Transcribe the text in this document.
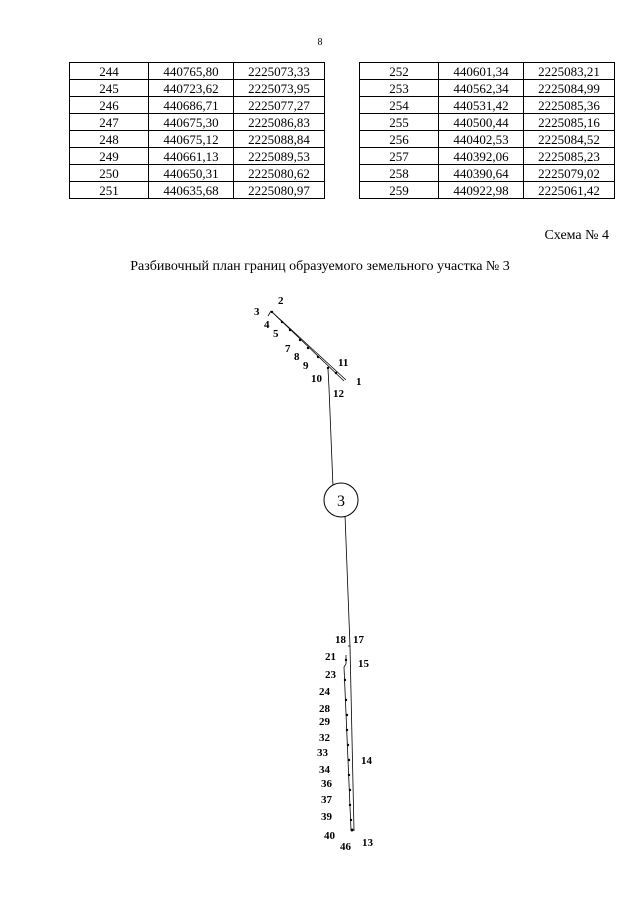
8
244	440765,80	2225073,33
245	440723,62	2225073,95
246	440686,71	2225077,27
247	440675,30	2225086,83
248	440675,12	2225088,84
249	440661,13	2225089,53
250	440650,31	2225080,62
251	440635,68	2225080,97
252	440601,34	2225083,21
253	440562,34	2225084,99
254	440531,42	2225085,36
255	440500,44	2225085,16
256	440402,53	2225084,52
257	440392,06	2225085,23
258	440390,64	2225079,02
259	440922,98	2225061,42
Схема № 4
Разбивочный план границ образуемого земельного участка № 3
3
2
3
4
5
7
8
9
10
11
1
12
18 17
21
15
23
24
28
29
32
33
14
34
36
37
39
40
13
46
